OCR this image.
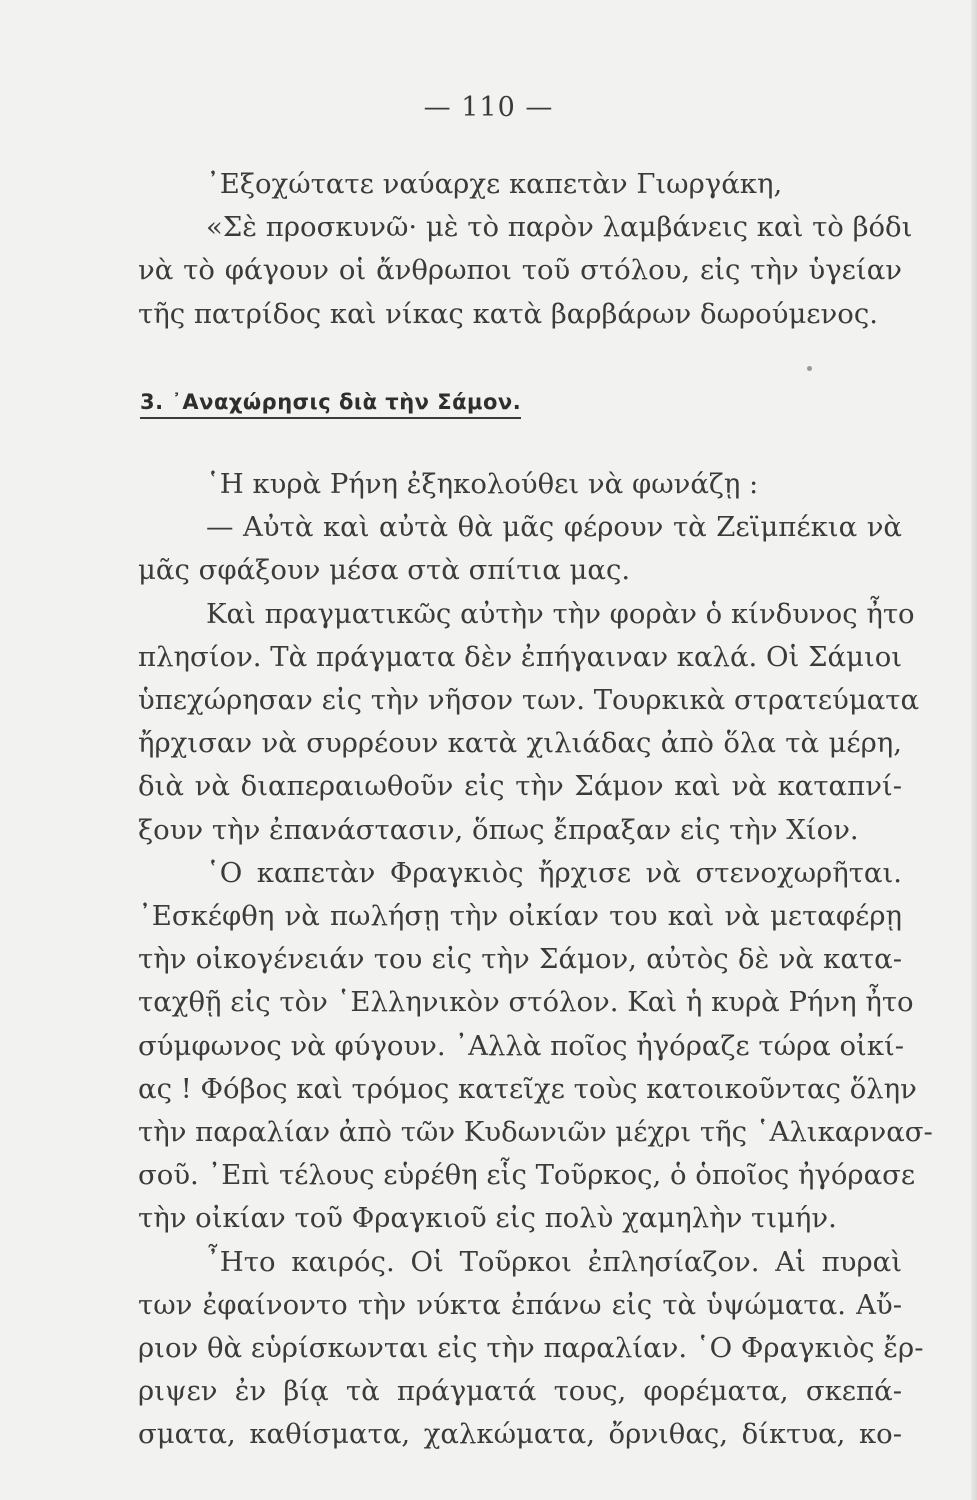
— 110 —
᾿Εξοχώτατε ναύαρχε καπετὰν Γιωργάκη,
«Σὲ προσκυνῶ· μὲ τὸ παρὸν λαμβάνεις καὶ τὸ βόδι
νὰ τὸ φάγουν οἱ ἄνθρωποι τοῦ στόλου, εἰς τὴν ὑγείαν
τῆς πατρίδος καὶ νίκας κατὰ βαρβάρων δωρούμενος.
3. ᾿Αναχώρησις διὰ τὴν Σάμον.
῾Η κυρὰ Ρήνη ἐξηκολούθει νὰ φωνάζῃ :
— Αὐτὰ καὶ αὐτὰ θὰ μᾶς φέρουν τὰ Ζεϊμπέκια νὰ
μᾶς σφάξουν μέσα στὰ σπίτια μας.
Καὶ πραγματικῶς αὐτὴν τὴν φορὰν ὁ κίνδυνος ἦτο
πλησίον. Τὰ πράγματα δὲν ἐπήγαιναν καλά. Οἱ Σάμιοι
ὑπεχώρησαν εἰς τὴν νῆσον των. Τουρκικὰ στρατεύματα
ἤρχισαν νὰ συρρέουν κατὰ χιλιάδας ἀπὸ ὅλα τὰ μέρη,
διὰ νὰ διαπεραιωθοῦν εἰς τὴν Σάμον καὶ νὰ καταπνί-
ξουν τὴν ἐπανάστασιν, ὅπως ἔπραξαν εἰς τὴν Χίον.
῾Ο καπετὰν Φραγκιὸς ἤρχισε νὰ στενοχωρῆται.
᾿Εσκέφθη νὰ πωλήσῃ τὴν οἰκίαν του καὶ νὰ μεταφέρῃ
τὴν οἰκογένειάν του εἰς τὴν Σάμον, αὐτὸς δὲ νὰ κατα-
ταχθῇ εἰς τὸν ῾Ελληνικὸν στόλον. Καὶ ἡ κυρὰ Ρήνη ἦτο
σύμφωνος νὰ φύγουν. ᾿Αλλὰ ποῖος ἠγόραζε τώρα οἰκί-
ας ! Φόβος καὶ τρόμος κατεῖχε τοὺς κατοικοῦντας ὅλην
τὴν παραλίαν ἀπὸ τῶν Κυδωνιῶν μέχρι τῆς ῾Αλικαρνασ-
σοῦ. ᾿Επὶ τέλους εὑρέθη εἷς Τοῦρκος, ὁ ὁποῖος ἠγόρασε
τὴν οἰκίαν τοῦ Φραγκιοῦ εἰς πολὺ χαμηλὴν τιμήν.
῏Ητο καιρός. Οἱ Τοῦρκοι ἐπλησίαζον. Αἱ πυραὶ
των ἐφαίνοντο τὴν νύκτα ἐπάνω εἰς τὰ ὑψώματα. Αὔ-
ριον θὰ εὑρίσκωνται εἰς τὴν παραλίαν. ῾Ο Φραγκιὸς ἔρ-
ριψεν ἐν βίᾳ τὰ πράγματά τους, φορέματα, σκεπά-
σματα, καθίσματα, χαλκώματα, ὄρνιθας, δίκτυα, κο-
